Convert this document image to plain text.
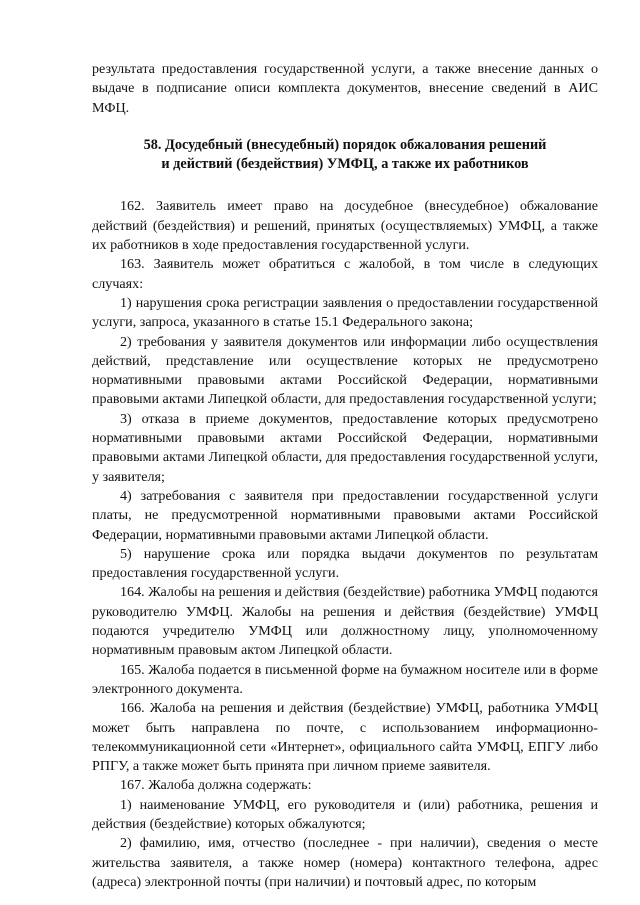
результата предоставления государственной услуги, а также внесение данных о выдаче в подписание описи комплекта документов, внесение сведений в АИС МФЦ.

58. Досудебный (внесудебный) порядок обжалования решений
и действий (бездействия) УМФЦ, а также их работников

162. Заявитель имеет право на досудебное (внесудебное) обжалование действий (бездействия) и решений, принятых (осуществляемых) УМФЦ, а также их работников в ходе предоставления государственной услуги.

163. Заявитель может обратиться с жалобой, в том числе в следующих случаях:

1) нарушения срока регистрации заявления о предоставлении государственной услуги, запроса, указанного в статье 15.1 Федерального закона;

2) требования у заявителя документов или информации либо осуществления действий, представление или осуществление которых не предусмотрено нормативными правовыми актами Российской Федерации, нормативными правовыми актами Липецкой области, для предоставления государственной услуги;

3) отказа в приеме документов, предоставление которых предусмотрено нормативными правовыми актами Российской Федерации, нормативными правовыми актами Липецкой области, для предоставления государственной услуги, у заявителя;

4) затребования с заявителя при предоставлении государственной услуги платы, не предусмотренной нормативными правовыми актами Российской Федерации, нормативными правовыми актами Липецкой области.

5) нарушение срока или порядка выдачи документов по результатам предоставления государственной услуги.

164. Жалобы на решения и действия (бездействие) работника УМФЦ подаются руководителю УМФЦ. Жалобы на решения и действия (бездействие) УМФЦ подаются учредителю УМФЦ или должностному лицу, уполномоченному нормативным правовым актом Липецкой области.

165. Жалоба подается в письменной форме на бумажном носителе или в форме электронного документа.

166. Жалоба на решения и действия (бездействие) УМФЦ, работника УМФЦ может быть направлена по почте, с использованием информационно-телекоммуникационной сети «Интернет», официального сайта УМФЦ, ЕПГУ либо РПГУ, а также может быть принята при личном приеме заявителя.

167. Жалоба должна содержать:

1) наименование УМФЦ, его руководителя и (или) работника, решения и действия (бездействие) которых обжалуются;

2) фамилию, имя, отчество (последнее - при наличии), сведения о месте жительства заявителя, а также номер (номера) контактного телефона, адрес (адреса) электронной почты (при наличии) и почтовый адрес, по которым
